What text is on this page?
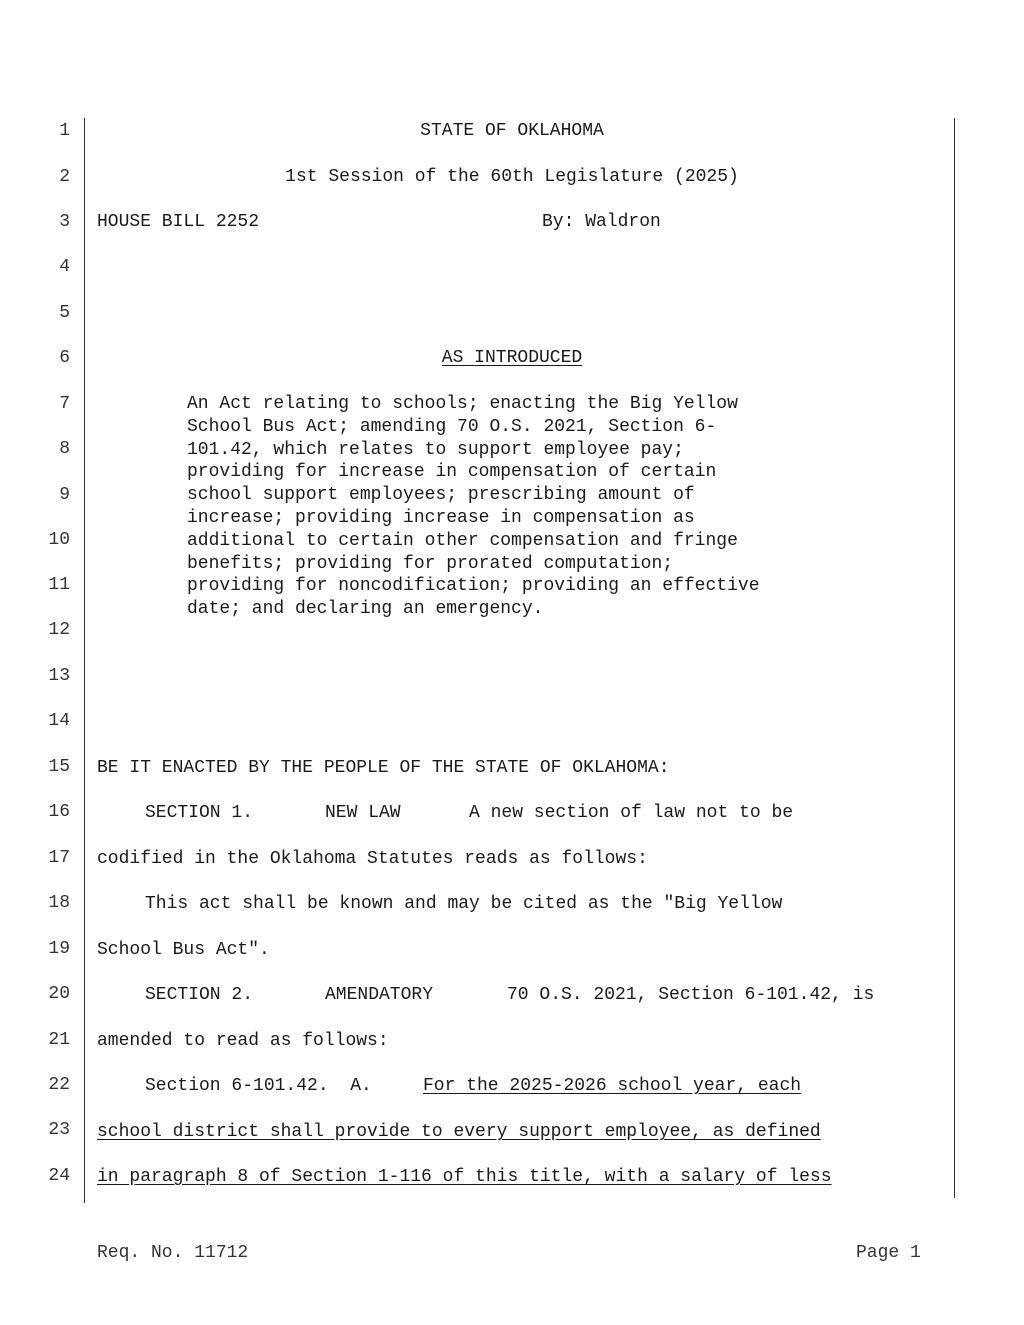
1
2
3
4
5
6
7
8
9
10
11
12
13
14
15
16
17
18
19
20
21
22
23
24
STATE OF OKLAHOMA
1st Session of the 60th Legislature (2025)
HOUSE BILL 2252	By: Waldron
AS INTRODUCED
An Act relating to schools; enacting the Big Yellow
School Bus Act; amending 70 O.S. 2021, Section 6-
101.42, which relates to support employee pay;
providing for increase in compensation of certain
school support employees; prescribing amount of
increase; providing increase in compensation as
additional to certain other compensation and fringe
benefits; providing for prorated computation;
providing for noncodification; providing an effective
date; and declaring an emergency.
BE IT ENACTED BY THE PEOPLE OF THE STATE OF OKLAHOMA:
SECTION 1.	NEW LAW	A new section of law not to be
codified in the Oklahoma Statutes reads as follows:
This act shall be known and may be cited as the "Big Yellow
School Bus Act".
SECTION 2.	AMENDATORY	70 O.S. 2021, Section 6-101.42, is
amended to read as follows:
Section 6-101.42.  A.	For the 2025-2026 school year, each
school district shall provide to every support employee, as defined
in paragraph 8 of Section 1-116 of this title, with a salary of less
Req. No. 11712	Page 1
